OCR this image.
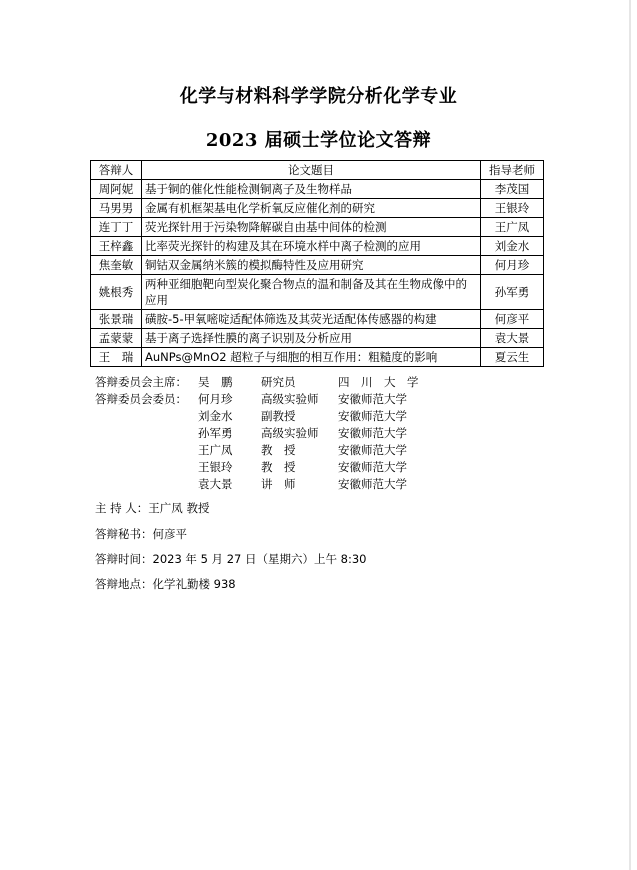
化学与材料科学学院分析化学专业
2023 届硕士学位论文答辩
答辩人	论文题目	指导老师
周阿妮	基于铜的催化性能检测铜离子及生物样品	李茂国
马男男	金属有机框架基电化学析氧反应催化剂的研究	王银玲
连丁丁	荧光探针用于污染物降解碳自由基中间体的检测	王广凤
王梓鑫	比率荧光探针的构建及其在环境水样中离子检测的应用	刘金水
焦奎敏	铜钴双金属纳米簇的模拟酶特性及应用研究	何月珍
姚根秀	两种亚细胞靶向型炭化聚合物点的温和制备及其在生物成像中的应用	孙军勇
张景瑞	磺胺-5-甲氧嘧啶适配体筛选及其荧光适配体传感器的构建	何彦平
孟蒙蒙	基于离子选择性膜的离子识别及分析应用	袁大景
王　瑞	AuNPs@MnO2 超粒子与细胞的相互作用：粗糙度的影响	夏云生
答辩委员会主席： 吴　鹏 研究员	四　川　大　学
答辩委员会委员： 何月珍 高级实验师 安徽师范大学
刘金水 副教授	安徽师范大学
孙军勇 高级实验师 安徽师范大学
王广凤 教　授	安徽师范大学
王银玲 教　授	安徽师范大学
袁大景 讲　师	安徽师范大学
主 持 人：王广凤 教授
答辩秘书：何彦平
答辩时间：2023 年 5 月 27 日（星期六）上午 8:30
答辩地点：化学礼勤楼 938
